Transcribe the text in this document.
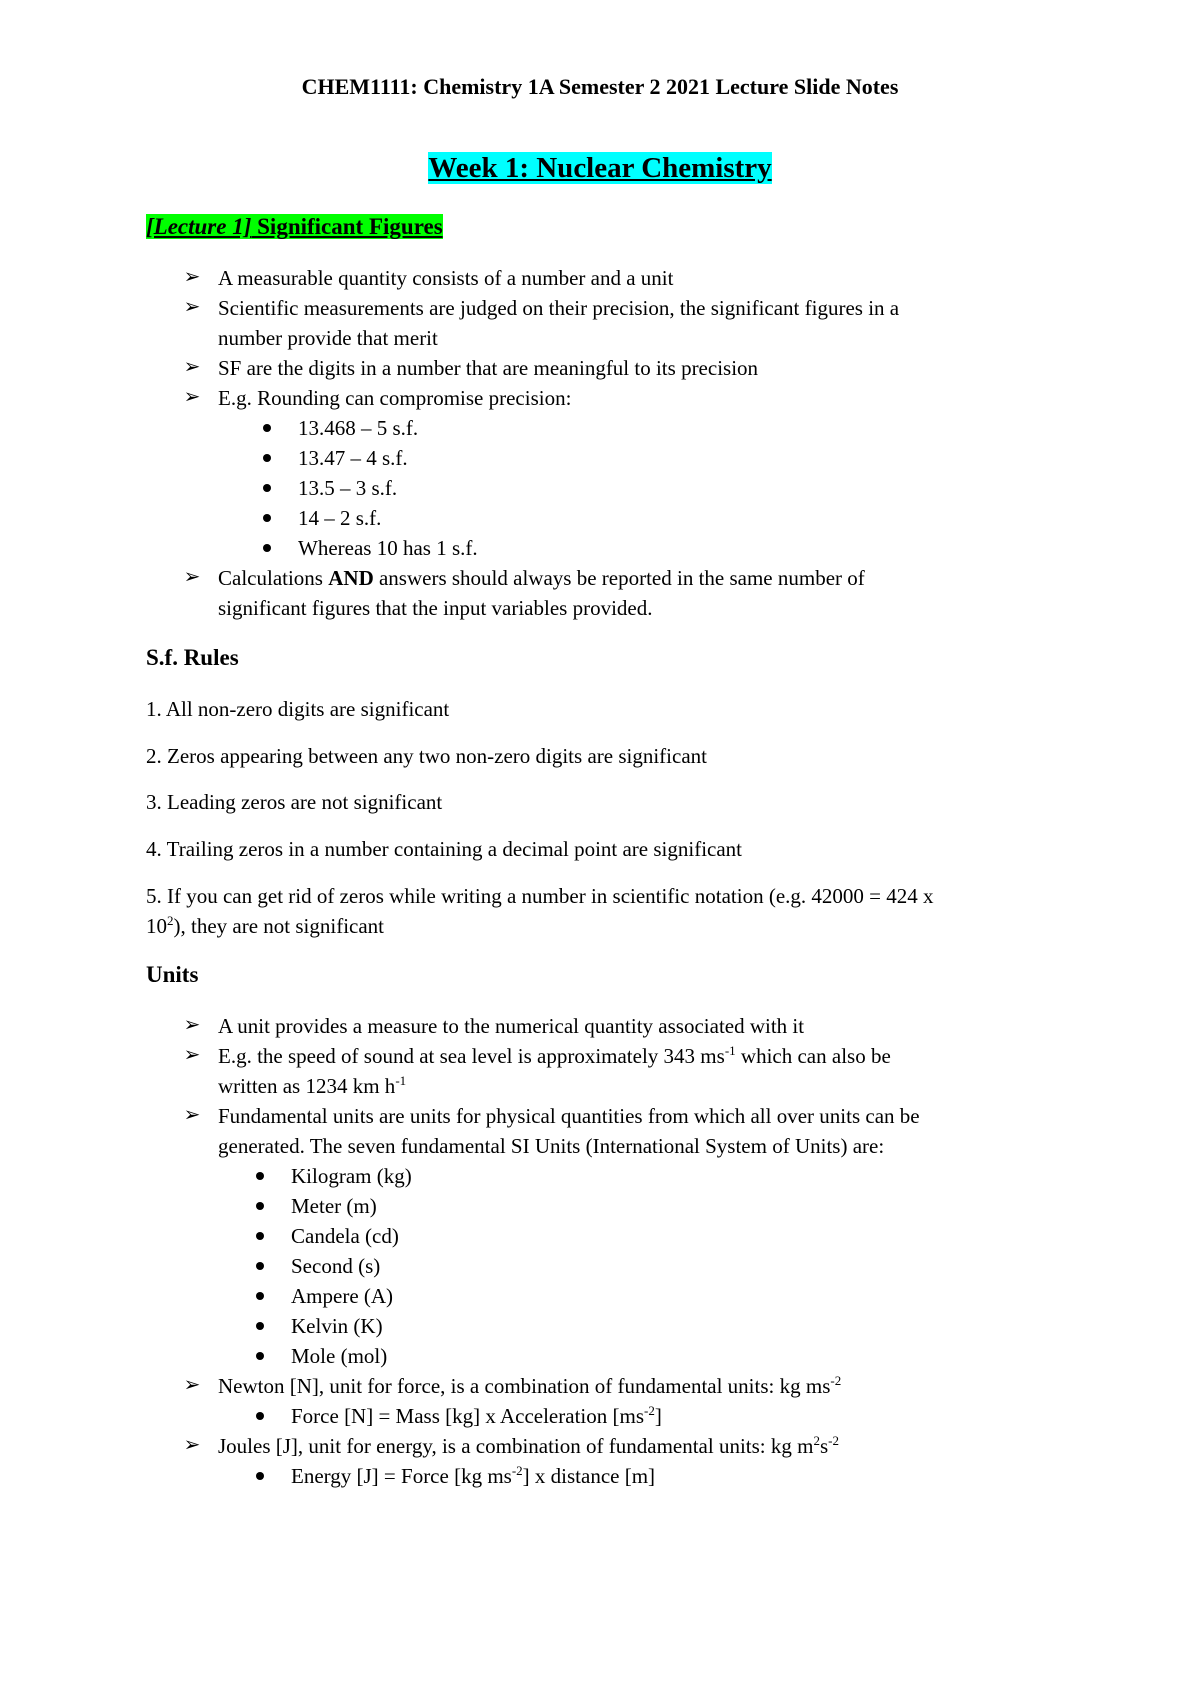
CHEM1111: Chemistry 1A Semester 2 2021 Lecture Slide Notes
Week 1: Nuclear Chemistry
[Lecture 1] Significant Figures
➢ A measurable quantity consists of a number and a unit
➢ Scientific measurements are judged on their precision, the significant figures in a
number provide that merit
➢ SF are the digits in a number that are meaningful to its precision
➢ E.g. Rounding can compromise precision:
13.468 – 5 s.f.
13.47 – 4 s.f.
13.5 – 3 s.f.
14 – 2 s.f.
Whereas 10 has 1 s.f.
➢ Calculations AND answers should always be reported in the same number of
significant figures that the input variables provided.
S.f. Rules
1. All non-zero digits are significant
2. Zeros appearing between any two non-zero digits are significant
3. Leading zeros are not significant
4. Trailing zeros in a number containing a decimal point are significant
5. If you can get rid of zeros while writing a number in scientific notation (e.g. 42000 = 424 x
$10^2$), they are not significant
Units
➢ A unit provides a measure to the numerical quantity associated with it
➢ E.g. the speed of sound at sea level is approximately 343 $ms^{-1}$ which can also be
written as 1234 km $h^{-1}$
➢ Fundamental units are units for physical quantities from which all over units can be
generated. The seven fundamental SI Units (International System of Units) are:
Kilogram (kg)
Meter (m)
Candela (cd)
Second (s)
Ampere (A)
Kelvin (K)
Mole (mol)
➢ Newton [N], unit for force, is a combination of fundamental units: kg $ms^{-2}$
Force [N] = Mass [kg] x Acceleration $[ms^{-2}]$
➢ Joules [J], unit for energy, is a combination of fundamental units: kg $m^2s^{-2}$
Energy [J] = Force [kg $ms^{-2}$] x distance [m]
